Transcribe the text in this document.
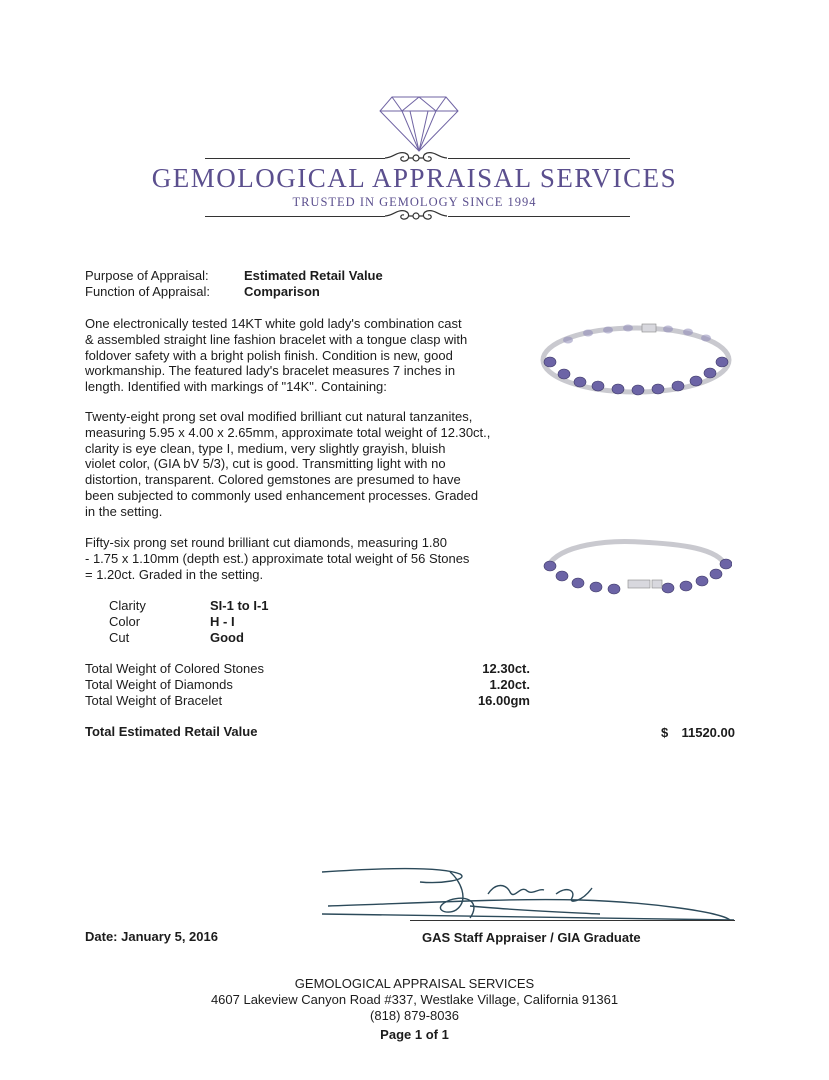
GEMOLOGICAL APPRAISAL SERVICES
TRUSTED IN GEMOLOGY SINCE 1994
Purpose of Appraisal:	Estimated Retail Value
Function of Appraisal:	Comparison
One electronically tested 14KT white gold lady's combination cast
& assembled straight line fashion bracelet with a tongue clasp with
foldover safety with a bright polish finish. Condition is new, good
workmanship. The featured lady's bracelet measures 7 inches in
length. Identified with markings of "14K". Containing:
Twenty-eight prong set oval modified brilliant cut natural tanzanites,
measuring 5.95 x 4.00 x 2.65mm, approximate total weight of 12.30ct.,
clarity is eye clean, type I, medium, very slightly grayish, bluish
violet color, (GIA bV 5/3), cut is good. Transmitting light with no
distortion, transparent. Colored gemstones are presumed to have
been subjected to commonly used enhancement processes. Graded
in the setting.
Fifty-six prong set round brilliant cut diamonds, measuring 1.80
- 1.75 x 1.10mm (depth est.) approximate total weight of 56 Stones
= 1.20ct. Graded in the setting.
Clarity	SI-1 to I-1
Color	H - I
Cut	Good
Total Weight of Colored Stones	12.30ct.
Total Weight of Diamonds	1.20ct.
Total Weight of Bracelet	16.00gm
Total Estimated Retail Value	$	11520.00
Date: January 5, 2016	GAS Staff Appraiser / GIA Graduate
GEMOLOGICAL APPRAISAL SERVICES
4607 Lakeview Canyon Road #337, Westlake Village, California 91361
(818) 879-8036
Page 1 of 1
